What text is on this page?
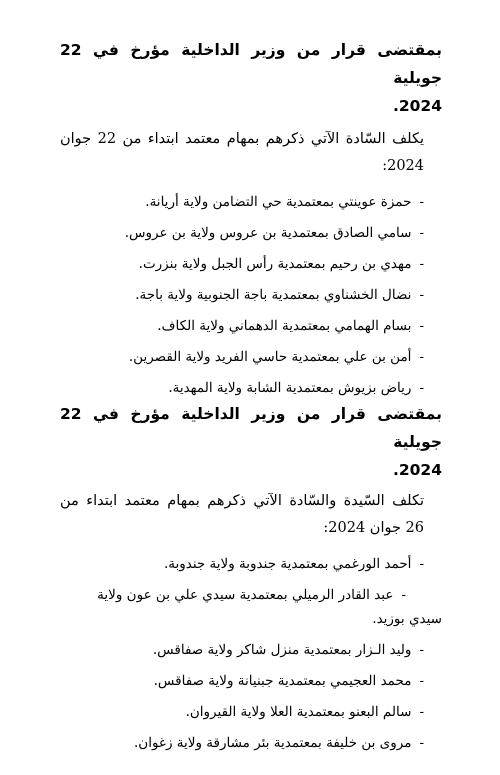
بمقتضى قرار من وزير الداخلية مؤرخ في 22 جويلية

2024.

يكلف السّادة الآتي ذكرهم بمهام معتمد ابتداء من 22 جوان 2024:

-حمزة عوينتي بمعتمدية حي التضامن ولاية أريانة.
-سامي الصادق بمعتمدية بن عروس ولاية بن عروس.
-مهدي بن رحيم بمعتمدية رأس الجبل ولاية بنزرت.
-نضال الخشناوي بمعتمدية باجة الجنوبية ولاية باجة.
-بسام الهمامي بمعتمدية الدهماني ولاية الكاف.
-أمن بن علي بمعتمدية حاسي الفريد ولاية القصرين.
-رياض بزيوش بمعتمدية الشابة ولاية المهدية.

بمقتضى قرار من وزير الداخلية مؤرخ في 22 جويلية

2024.

تكلف السّيدة والسّادة الآتي ذكرهم بمهام معتمد ابتداء من 26 جوان 2024:

-أحمد الورغمي بمعتمدية جندوبة ولاية جندوبة.
-عبد القادر الرميلي بمعتمدية سيدي علي بن عون ولاية سيدي بوزيد.
-وليد الـزار بمعتمدية منزل شاكر ولاية صفاقس.
-محمد العجيمي بمعتمدية جبنيانة ولاية صفاقس.
-سالم البعنو بمعتمدية العلا ولاية القيروان.
-مروى بن خليفة بمعتمدية بئر مشارقة ولاية زغوان.
